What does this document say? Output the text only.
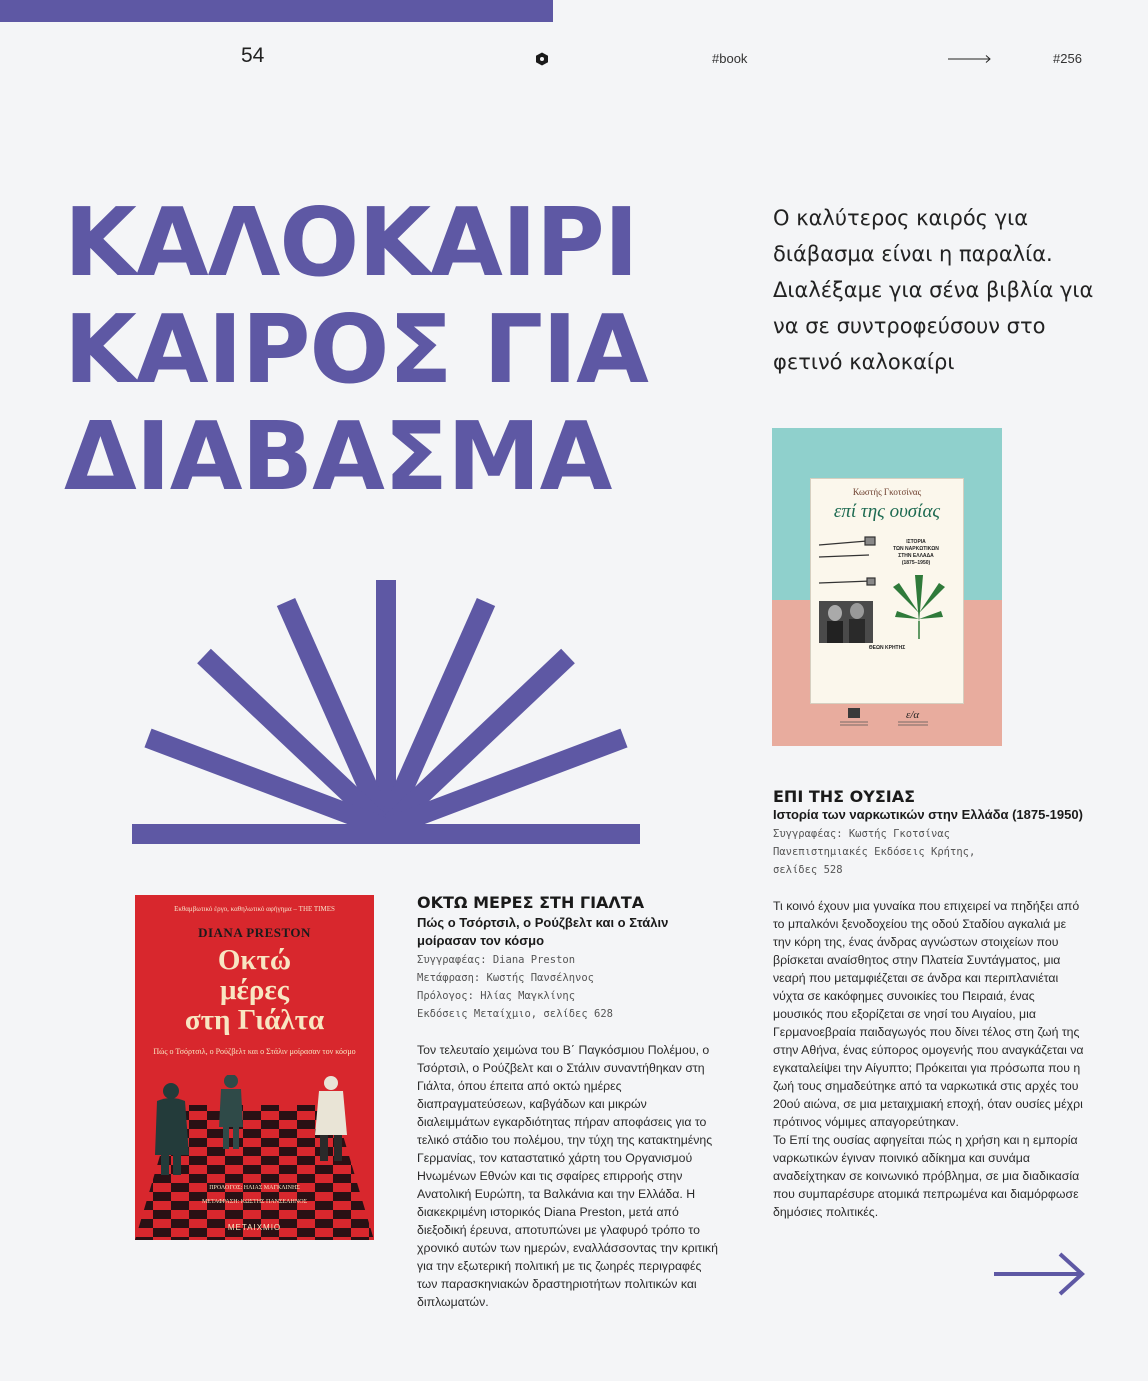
54	#book	#256
ΚΑΛΟΚΑΙΡΙ
ΚΑΙΡΟΣ ΓΙΑ
ΔΙΑΒΑΣΜΑ

Ο καλύτερος καιρός για διάβασμα είναι η παραλία. Διαλέξαμε για σένα βιβλία για να σε συντροφεύσουν στο φετινό καλοκαίρι

Εκθαμβωτικό έργο, καθηλωτικό αφήγημα – THE TIMES
DIANA PRESTON
Οκτώ
μέρες
στη Γιάλτα
Πώς ο Τσόρτσιλ, ο Ρούζβελτ και ο Στάλιν μοίρασαν τον κόσμο
ΠΡΟΛΟΓΟΣ: ΗΛΙΑΣ ΜΑΓΚΛΙΝΗΣ
ΜΕΤΑΦΡΑΣΗ: ΚΩΣΤΗΣ ΠΑΝΣΕΛΗΝΟΣ
ΜΕΤΑΙΧΜΙΟ
ΟΚΤΩ ΜΕΡΕΣ ΣΤΗ ΓΙΑΛΤΑ

Πώς ο Τσόρτσιλ, ο Ρούζβελτ και ο Στάλιν μοίρασαν τον κόσμο

Συγγραφέας: Diana Preston
Μετάφραση: Κωστής Πανσέληνος
Πρόλογος: Ηλίας Μαγκλίνης
Εκδόσεις Μεταίχμιο, σελίδες 628

Τον τελευταίο χειμώνα του Β΄ Παγκόσμιου Πολέμου, ο Τσόρτσιλ, ο Ρούζβελτ και ο Στάλιν συναντήθηκαν στη Γιάλτα, όπου έπειτα από οκτώ ημέρες διαπραγματεύσεων, καβγάδων και μικρών διαλειμμάτων εγκαρδιότητας πήραν αποφάσεις για το τελικό στάδιο του πολέμου, την τύχη της κατακτημένης Γερμανίας, τον καταστατικό χάρτη του Οργανισμού Ηνωμένων Εθνών και τις σφαίρες επιρροής στην Ανατολική Ευρώπη, τα Βαλκάνια και την Ελλάδα. Η διακεκριμένη ιστορικός Diana Preston, μετά από διεξοδική έρευνα, αποτυπώνει με γλαφυρό τρόπο το χρονικό αυτών των ημερών, εναλλάσσοντας την κριτική για την εξωτερική πολιτική με τις ζωηρές περιγραφές των παρασκηνιακών δραστηριοτήτων πολιτικών και διπλωματών.

Κωστής Γκοτσίνας
επί της ουσίας
ΙΣΤΟΡΙΑ
ΤΩΝ ΝΑΡΚΩΤΙΚΩΝ
ΣΤΗΝ ΕΛΛΑΔΑ
(1875–1950)
ΘΕΩΝ ΚΡΗΤΗΣ
ε/α
ΕΠΙ ΤΗΣ ΟΥΣΙΑΣ

Ιστορία των ναρκωτικών στην Ελλάδα (1875-1950)

Συγγραφέας: Κωστής Γκοτσίνας
Πανεπιστημιακές Εκδόσεις Κρήτης,
σελίδες 528

Τι κοινό έχουν μια γυναίκα που επιχειρεί να πηδήξει από το μπαλκόνι ξενοδοχείου της οδού Σταδίου αγκαλιά με την κόρη της, ένας άνδρας αγνώστων στοιχείων που βρίσκεται αναίσθητος στην Πλατεία Συντάγματος, μια νεαρή που μεταμφιέζεται σε άνδρα και περιπλανιέται νύχτα σε κακόφημες συνοικίες του Πειραιά, ένας μουσικός που εξορίζεται σε νησί του Αιγαίου, μια Γερμανοεβραία παιδαγωγός που δίνει τέλος στη ζωή της στην Αθήνα, ένας εύπορος ομογενής που αναγκάζεται να εγκαταλείψει την Αίγυπτο; Πρόκειται για πρόσωπα που η ζωή τους σημαδεύτηκε από τα ναρκωτικά στις αρχές του 20ού αιώνα, σε μια μεταιχμιακή εποχή, όταν ουσίες μέχρι πρότινος νόμιμες απαγορεύτηκαν.

Το Επί της ουσίας αφηγείται πώς η χρήση και η εμπορία ναρκωτικών έγιναν ποινικό αδίκημα και συνάμα αναδείχτηκαν σε κοινωνικό πρόβλημα, σε μια διαδικασία που συμπαρέσυρε ατομικά πεπρωμένα και διαμόρφωσε δημόσιες πολιτικές.
